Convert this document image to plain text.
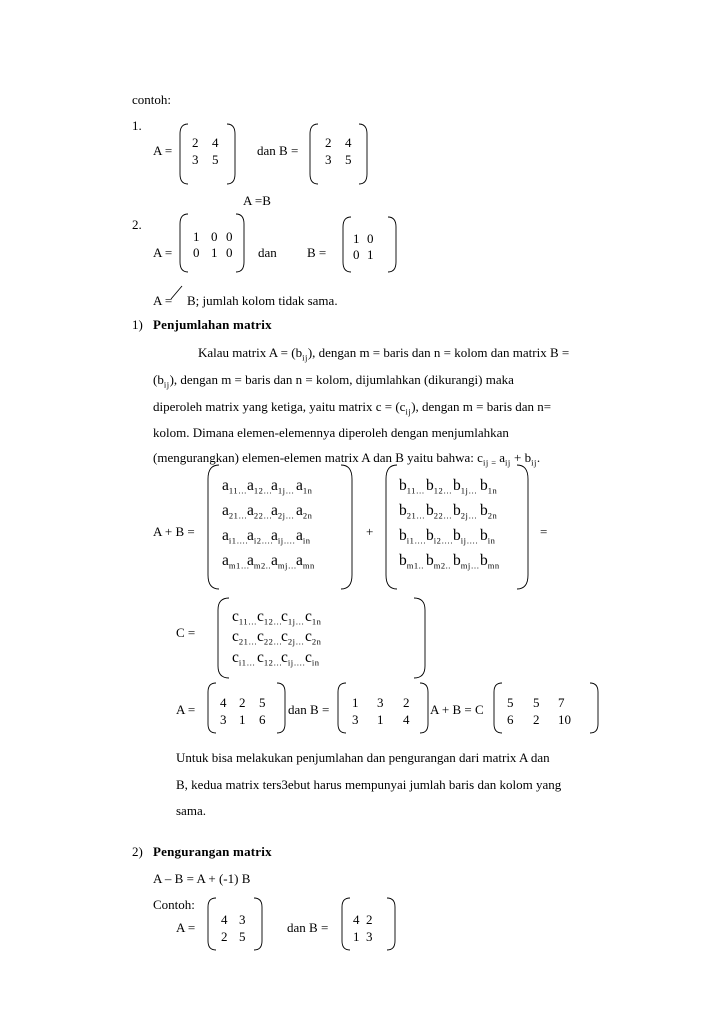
contoh:
1.
A =
2 4
3 5
dan B =
2 4
3 5
A =B
2.
A =
1 0 0
0 1 0 dan B =
1 0
0 1
A = B; jumlah kolom tidak sama.
1) Penjumlahan matrix
Kalau matrix $A = (b_{ij})$, dengan m = baris dan n = kolom dan matrix B =
$(b_{ij})$, dengan m = baris dan n = kolom, dijumlahkan (dikurangi) maka
diperoleh matrix yang ketiga, yaitu matrix $c = (c_{ij})$, dengan m = baris dan n=
kolom. Dimana elemen-elemennya diperoleh dengan menjumlahkan
(mengurangkan) elemen-elemen matrix A dan B yaitu bahwa: $c_{ij =}$ $a_{ij} + b_{ij}$.
A + B =
$a_{11\dots}$ $a_{12\dots}$
$a_{1j\dots}$ $a_{1n}$
$a_{21\dots}$ $a_{22\dots}$
$a_{2j\dots}$ $a_{2n}$
$a_{i1\dots.}$
$a_{i2\dots.}$
$a_{ij\dots.}$ $a_{in}$
$a_{m1\dots}$
$a_{m2..}$ $a_{mj\dots}$ $a_{mn}$
+
$b_{11\dots}$ $b_{12\dots}$ $b_{1j\dots}$ $b_{1n}$
$b_{21\dots}$ $b_{22\dots}$ $b_{2j\dots}$ $b_{2n}$
$b_{i1\dots.}$ $b_{i2\dots.}$ $b_{ij\dots.}$ $b_{in}$
$b_{m1..}$ $b_{m2..}$ $b_{mj\dots}$ $b_{mn}$
=
C =
$c_{11\dots}$ $c_{12\dots}$
$c_{1j\dots}$ $c_{1n}$
$c_{21\dots}$ $c_{22\dots}$
$c_{2j\dots}$ $c_{2n}$
$c_{i1\dots}$ $c_{12\dots}$
$c_{ij\dots.}$ $c_{in}$
A = 4 2 5
3 1 6
dan B = 1 3 2
3 1 4
A + B = C 5 5 7
6 2 10
Untuk bisa melakukan penjumlahan dan pengurangan dari matrix A dan
B, kedua matrix ters3ebut harus mempunyai jumlah baris dan kolom yang
sama.
2) Pengurangan matrix
A – B = A + (-1) B
Contoh:
A =
4 3
2 5
dan B =
4 2
1 3
